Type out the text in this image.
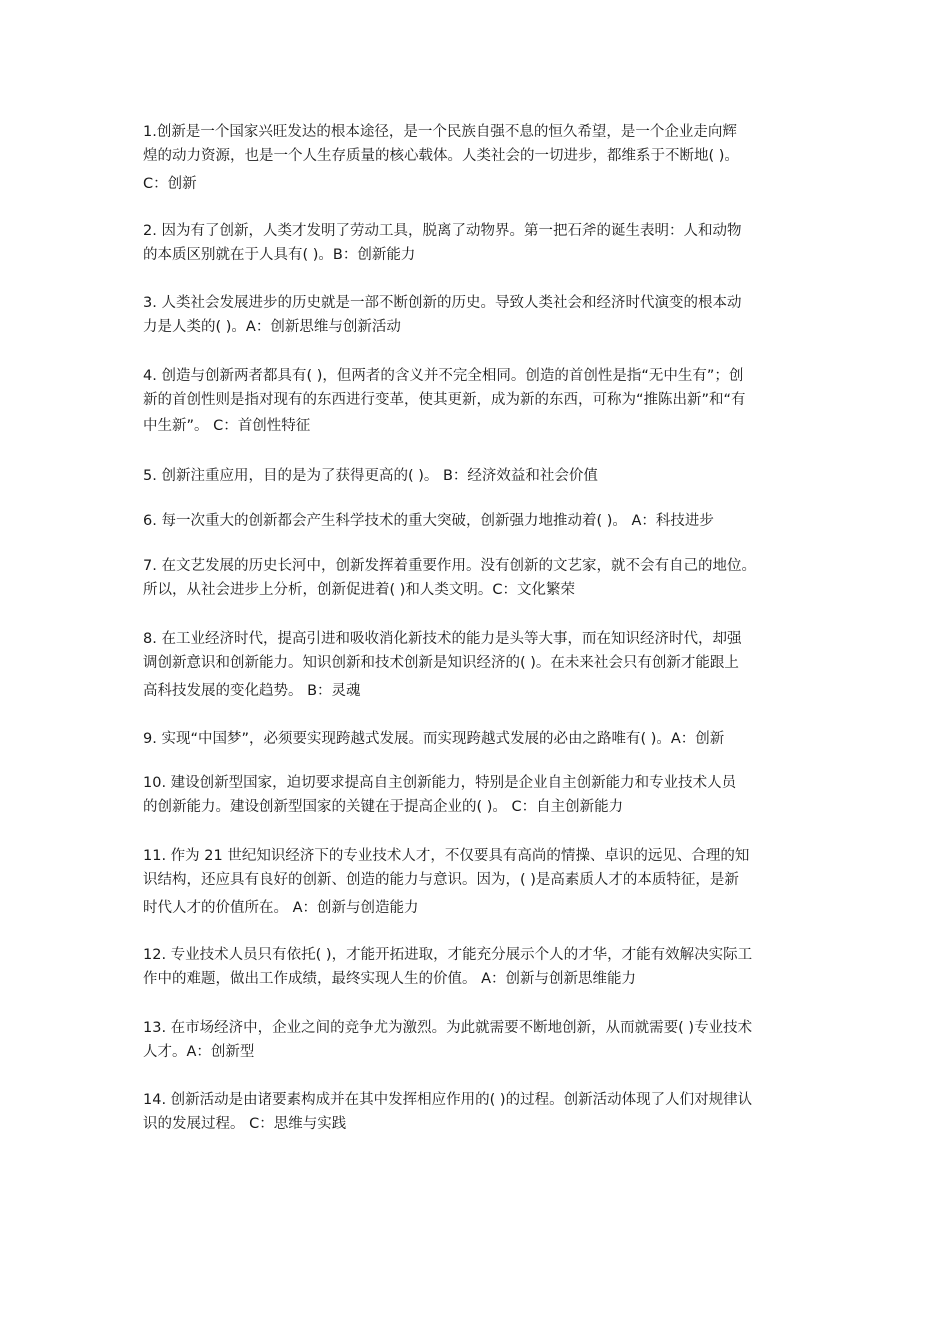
1.创新是一个国家兴旺发达的根本途径，是一个民族自强不息的恒久希望，是一个企业走向辉

煌的动力资源，也是一个人生存质量的核心载体。人类社会的一切进步，都维系于不断地( )。

C：创新

2. 因为有了创新，人类才发明了劳动工具，脱离了动物界。第一把石斧的诞生表明：人和动物

的本质区别就在于人具有( )。B：创新能力

3. 人类社会发展进步的历史就是一部不断创新的历史。导致人类社会和经济时代演变的根本动

力是人类的( )。A：创新思维与创新活动

4. 创造与创新两者都具有( )，但两者的含义并不完全相同。创造的首创性是指“无中生有”；创

新的首创性则是指对现有的东西进行变革，使其更新，成为新的东西，可称为“推陈出新”和“有

中生新”。 C：首创性特征

5. 创新注重应用，目的是为了获得更高的( )。 B：经济效益和社会价值

6. 每一次重大的创新都会产生科学技术的重大突破，创新强力地推动着( )。 A：科技进步

7. 在文艺发展的历史长河中，创新发挥着重要作用。没有创新的文艺家，就不会有自己的地位。

所以，从社会进步上分析，创新促进着( )和人类文明。C：文化繁荣

8. 在工业经济时代，提高引进和吸收消化新技术的能力是头等大事，而在知识经济时代，却强

调创新意识和创新能力。知识创新和技术创新是知识经济的( )。在未来社会只有创新才能跟上

高科技发展的变化趋势。 B：灵魂

9. 实现“中国梦”，必须要实现跨越式发展。而实现跨越式发展的必由之路唯有( )。A：创新

10. 建设创新型国家，迫切要求提高自主创新能力，特别是企业自主创新能力和专业技术人员

的创新能力。建设创新型国家的关键在于提高企业的( )。 C：自主创新能力

11. 作为 21 世纪知识经济下的专业技术人才，不仅要具有高尚的情操、卓识的远见、合理的知

识结构，还应具有良好的创新、创造的能力与意识。因为，( )是高素质人才的本质特征，是新

时代人才的价值所在。 A：创新与创造能力

12. 专业技术人员只有依托( )，才能开拓进取，才能充分展示个人的才华，才能有效解决实际工

作中的难题，做出工作成绩，最终实现人生的价值。 A：创新与创新思维能力

13. 在市场经济中，企业之间的竞争尤为激烈。为此就需要不断地创新，从而就需要( )专业技术

人才。A：创新型

14. 创新活动是由诸要素构成并在其中发挥相应作用的( )的过程。创新活动体现了人们对规律认

识的发展过程。 C：思维与实践
